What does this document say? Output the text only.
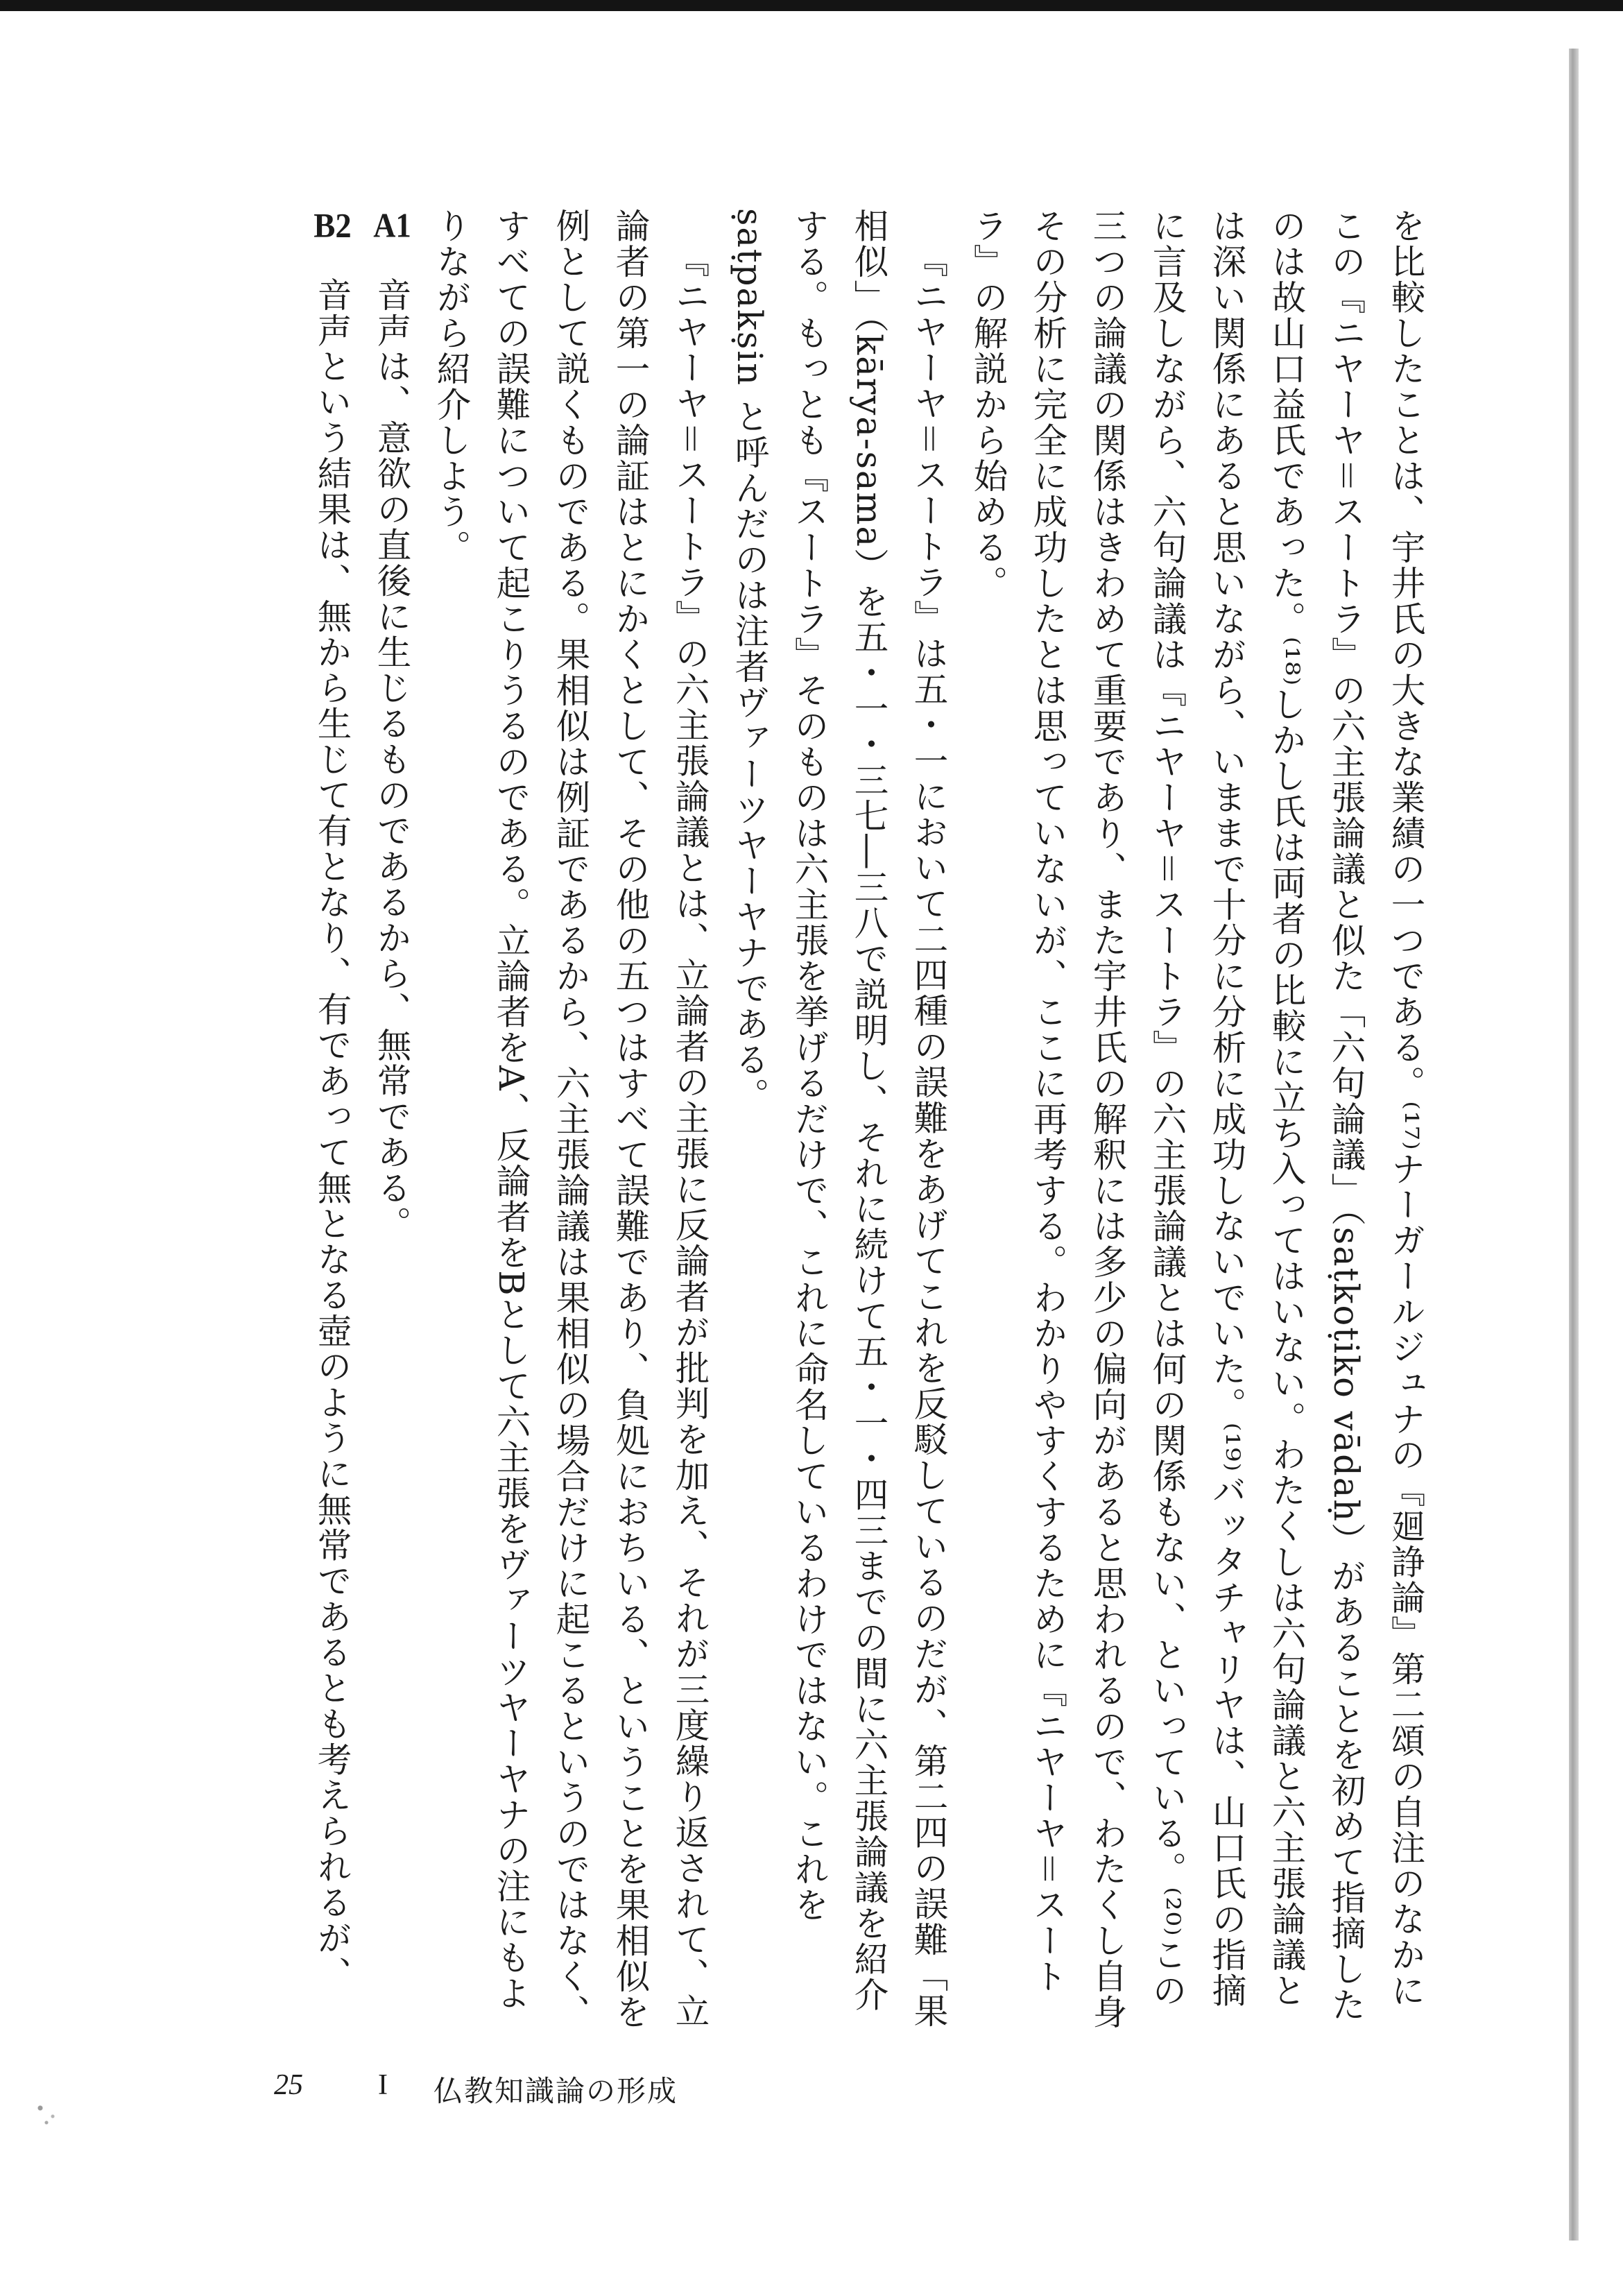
を比較したことは、宇井氏の大きな業績の一つである。⁽¹⁷⁾ナーガールジュナの『廻諍論』第二頌の自注のなかにこの『ニヤーヤ＝スートラ』の六主張論議と似た「六句論議」（saṭkoṭiko vādaḥ）があることを初めて指摘したのは故山口益氏であった。⁽¹⁸⁾しかし氏は両者の比較に立ち入ってはいない。わたくしは六句論議と六主張論議とは深い関係にあると思いながら、いままで十分に分析に成功しないでいた。⁽¹⁹⁾バッタチャリヤは、山口氏の指摘に言及しながら、六句論議は『ニヤーヤ＝スートラ』の六主張論議とは何の関係もない、といっている。⁽²⁰⁾この三つの論議の関係はきわめて重要であり、また宇井氏の解釈には多少の偏向があると思われるので、わたくし自身その分析に完全に成功したとは思っていないが、ここに再考する。わかりやすくするために『ニヤーヤ＝スートラ』の解説から始める。

『ニヤーヤ＝スートラ』は五・一において二四種の誤難をあげてこれを反駁しているのだが、第二四の誤難「果相似」（kārya-sama）を五・一・三七―三八で説明し、それに続けて五・一・四三までの間に六主張論議を紹介する。もっとも『スートラ』そのものは六主張を挙げるだけで、これに命名しているわけではない。これを ṣaṭpakṣin と呼んだのは注者ヴァーツヤーヤナである。

『ニヤーヤ＝スートラ』の六主張論議とは、立論者の主張に反論者が批判を加え、それが三度繰り返されて、立論者の第一の論証はとにかくとして、その他の五つはすべて誤難であり、負処におちいる、ということを果相似を例として説くものである。果相似は例証であるから、六主張論議は果相似の場合だけに起こるというのではなく、すべての誤難について起こりうるのである。立論者をA、反論者をBとして六主張をヴァーツヤーヤナの注にもよりながら紹介しよう。

A1音声は、意欲の直後に生じるものであるから、無常である。
B2音声という結果は、無から生じて有となり、有であって無となる壺のように無常であるとも考えられるが、
25	I 仏教知識論の形成
